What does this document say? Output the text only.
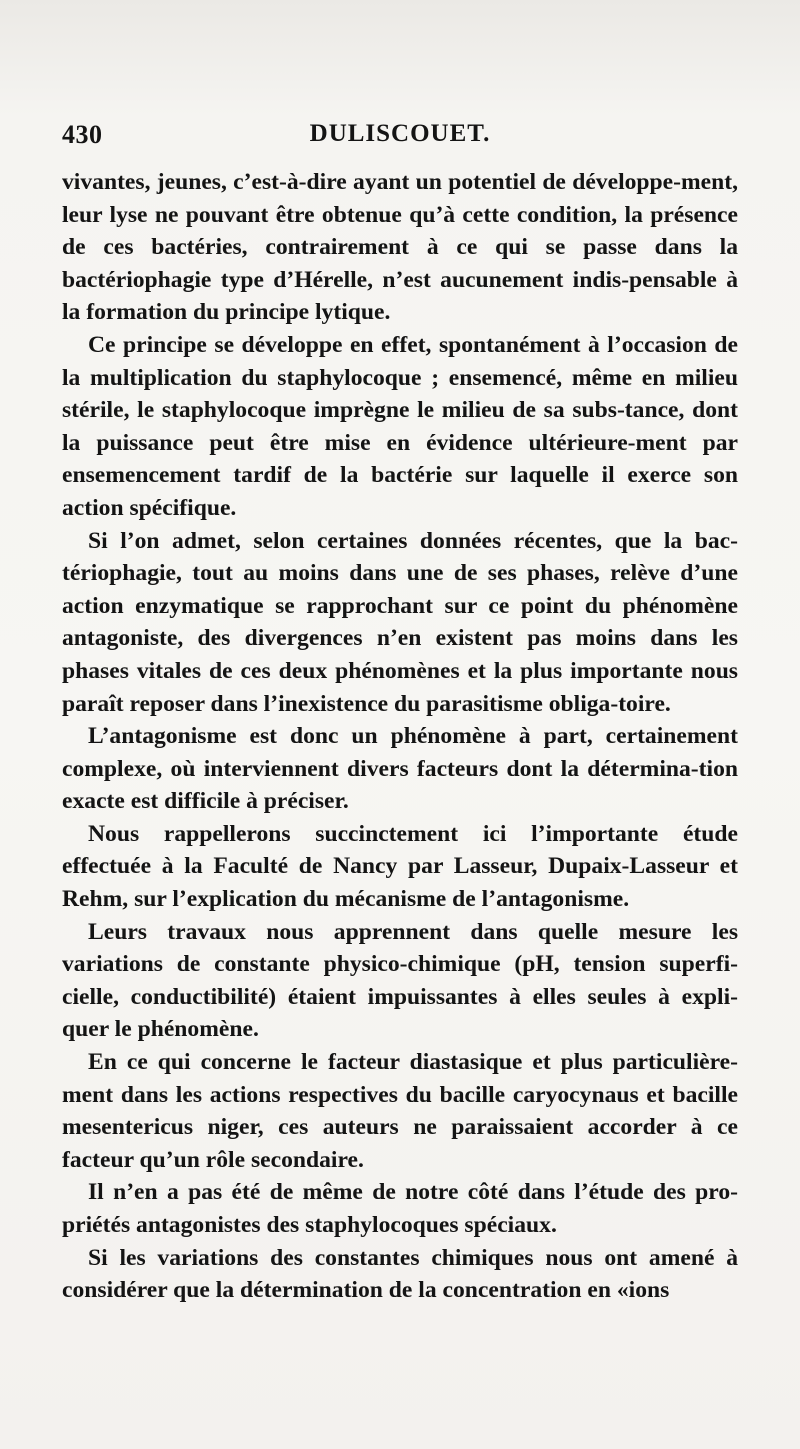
430	DULISCOUET.

vivantes, jeunes, c’est-à-dire ayant un potentiel de développe-ment, leur lyse ne pouvant être obtenue qu’à cette condition, la présence de ces bactéries, contrairement à ce qui se passe dans la bactériophagie type d’Hérelle, n’est aucunement indis-pensable à la formation du principe lytique.

Ce principe se développe en effet, spontanément à l’occasion de la multiplication du staphylocoque ; ensemencé, même en milieu stérile, le staphylocoque imprègne le milieu de sa subs-tance, dont la puissance peut être mise en évidence ultérieure-ment par ensemencement tardif de la bactérie sur laquelle il exerce son action spécifique.

Si l’on admet, selon certaines données récentes, que la bac-tériophagie, tout au moins dans une de ses phases, relève d’une action enzymatique se rapprochant sur ce point du phénomène antagoniste, des divergences n’en existent pas moins dans les phases vitales de ces deux phénomènes et la plus importante nous paraît reposer dans l’inexistence du parasitisme obliga-toire.

L’antagonisme est donc un phénomène à part, certainement complexe, où interviennent divers facteurs dont la détermina-tion exacte est difficile à préciser.

Nous rappellerons succinctement ici l’importante étude effectuée à la Faculté de Nancy par Lasseur, Dupaix-Lasseur et Rehm, sur l’explication du mécanisme de l’antagonisme.

Leurs travaux nous apprennent dans quelle mesure les variations de constante physico-chimique (pH, tension superfi-cielle, conductibilité) étaient impuissantes à elles seules à expli-quer le phénomène.

En ce qui concerne le facteur diastasique et plus particulière-ment dans les actions respectives du bacille caryocynaus et bacille mesentericus niger, ces auteurs ne paraissaient accorder à ce facteur qu’un rôle secondaire.

Il n’en a pas été de même de notre côté dans l’étude des pro-priétés antagonistes des staphylocoques spéciaux.

Si les variations des constantes chimiques nous ont amené à considérer que la détermination de la concentration en «ions
